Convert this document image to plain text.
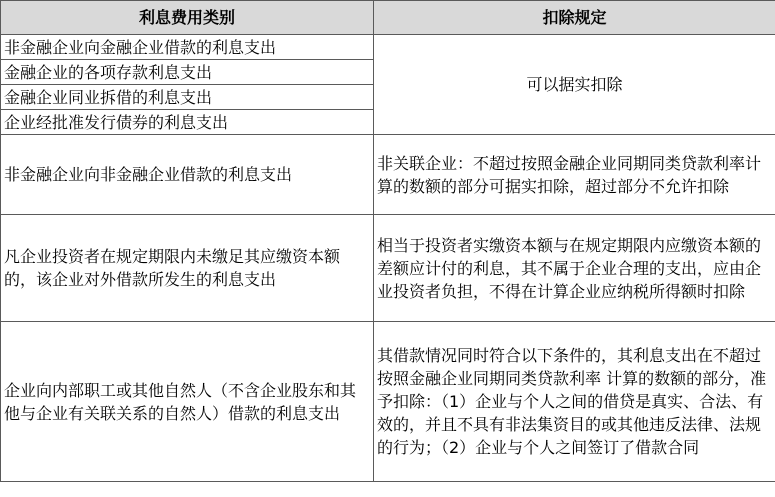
利息费用类别	扣除规定
非金融企业向金融企业借款的利息支出	可以据实扣除
金融企业的各项存款利息支出	
金融企业同业拆借的利息支出	
企业经批准发行债券的利息支出	
非金融企业向非金融企业借款的利息支出	非关联企业：不超过按照金融企业同期同类贷款利率计算的数额的部分可据实扣除，超过部分不允许扣除
凡企业投资者在规定期限内未缴足其应缴资本额的，该企业对外借款所发生的利息支出	相当于投资者实缴资本额与在规定期限内应缴资本额的差额应计付的利息，其不属于企业合理的支出，应由企业投资者负担，不得在计算企业应纳税所得额时扣除
企业向内部职工或其他自然人（不含企业股东和其他与企业有关联关系的自然人）借款的利息支出	其借款情况同时符合以下条件的，其利息支出在不超过按照金融企业同期同类贷款利率 计算的数额的部分，准予扣除：（1）企业与个人之间的借贷是真实、合法、有效的，并且不具有非法集资目的或其他违反法律、法规的行为；（2）企业与个人之间签订了借款合同
